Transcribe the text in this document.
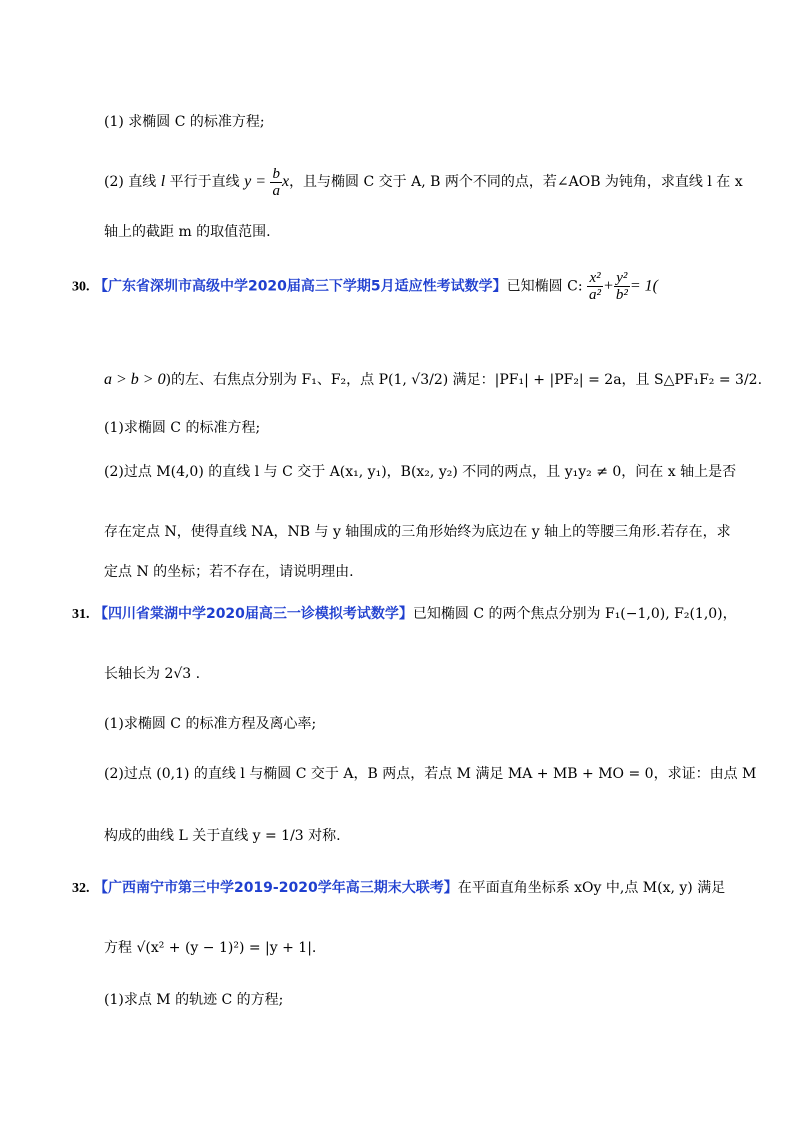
(1) 求椭圆 C 的标准方程;
(2) 直线 l 平行于直线 $y = \frac{b}{a}$ x，且与椭圆 C 交于 A, B 两个不同的点，若∠AOB 为钝角，求直线 l 在 x
轴上的截距 m 的取值范围.
30. 【广东省深圳市高级中学2020届高三下学期5月适应性考试数学】已知椭圆 C: $\frac{\text{x²}}{\text{a²}} + \frac{\text{y²}}{\text{b²}} = 1$(
a > b > 0)的左、右焦点分别为 F₁、F₂，点 P(1, √3/2) 满足：|PF₁| + |PF₂| = 2a，且 S△PF₁F₂ = 3/2.
(1)求椭圆 C 的标准方程;
(2)过点 M(4,0) 的直线 l 与 C 交于 A(x₁, y₁)，B(x₂, y₂) 不同的两点，且 y₁y₂ ≠ 0，问在 x 轴上是否
存在定点 N，使得直线 NA，NB 与 y 轴围成的三角形始终为底边在 y 轴上的等腰三角形.若存在，求
定点 N 的坐标；若不存在，请说明理由.
31. 【四川省棠湖中学2020届高三一诊模拟考试数学】已知椭圆 C 的两个焦点分别为 F₁(−1,0), F₂(1,0)，
长轴长为 2√3 .
(1)求椭圆 C 的标准方程及离心率;
(2)过点 (0,1) 的直线 l 与椭圆 C 交于 A，B 两点，若点 M 满足 MA + MB + MO = 0，求证：由点 M
构成的曲线 L 关于直线 y = 1/3 对称.
32. 【广西南宁市第三中学2019-2020学年高三期末大联考】在平面直角坐标系 xOy 中,点 M(x, y) 满足
方程 √(x² + (y − 1)²) = |y + 1|.
(1)求点 M 的轨迹 C 的方程;
